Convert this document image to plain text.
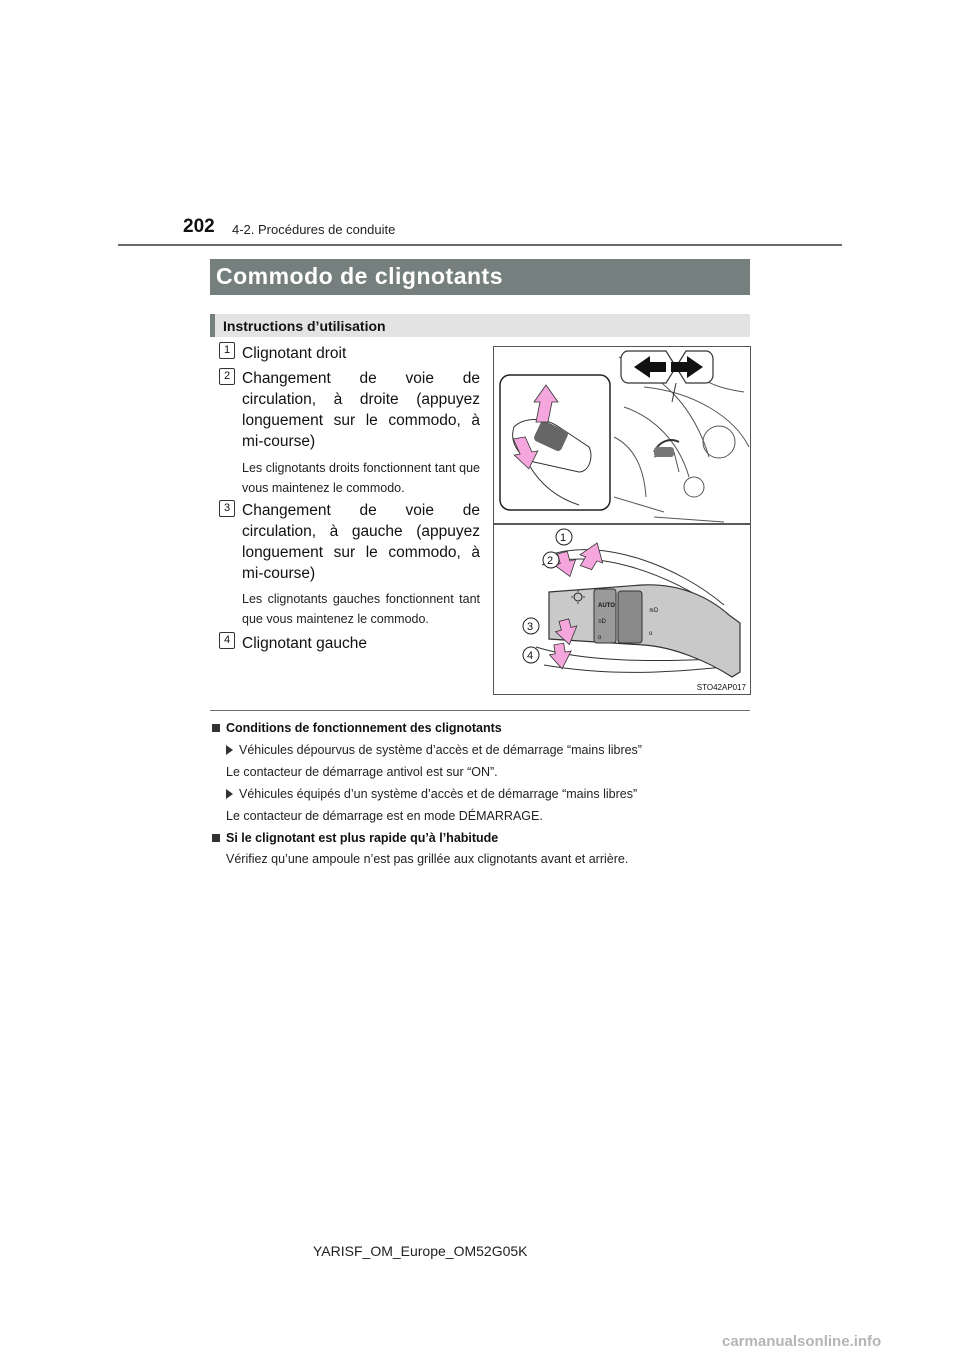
202 4-2. Procédures de conduite
Commodo de clignotants
Instructions d’utilisation
1 Clignotant droit
2 Changement de voie de circulation, à droite (appuyez longuement sur le commodo, à mi-course)
Les clignotants droits fonctionnent tant que vous maintenez le commodo.
3 Changement de voie de circulation, à gauche (appuyez longuement sur le commodo, à mi-course)
Les clignotants gauches fonctionnent tant que vous maintenez le commodo.
4 Clignotant gauche
AUTO
≡D
o
≋D
o
1
2
3
4
STO42AP017
Conditions de fonctionnement des clignotants
Véhicules dépourvus de système d’accès et de démarrage “mains libres”
Le contacteur de démarrage antivol est sur “ON”.
Véhicules équipés d’un système d’accès et de démarrage “mains libres”
Le contacteur de démarrage est en mode DÉMARRAGE.
Si le clignotant est plus rapide qu’à l’habitude
Vérifiez qu’une ampoule n’est pas grillée aux clignotants avant et arrière.
YARISF_OM_Europe_OM52G05K
carmanualsonline.info
